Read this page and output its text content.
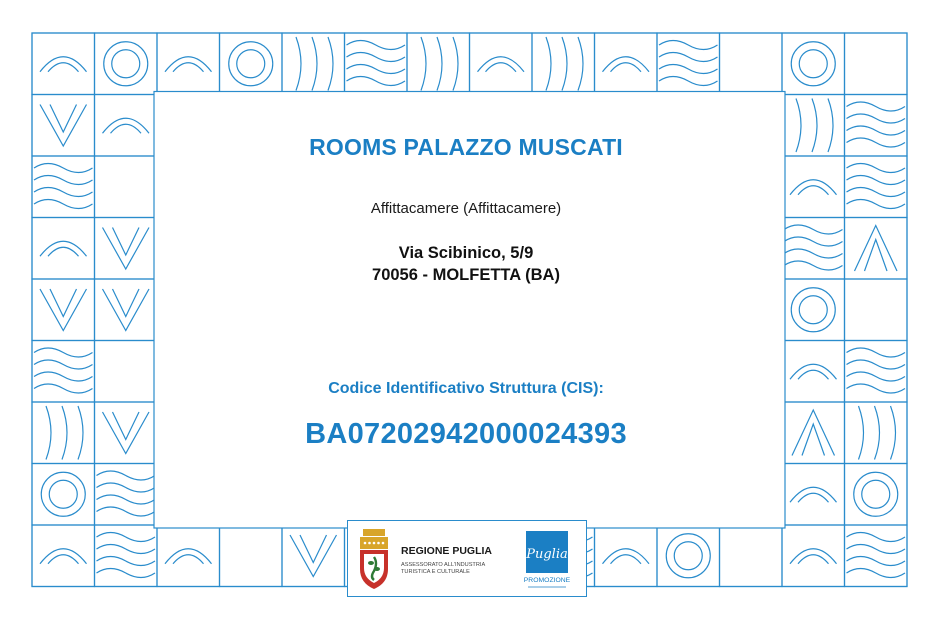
ROOMS PALAZZO MUSCATI
Affittacamere (Affittacamere)
Via Scibinico, 5/9
70056 - MOLFETTA (BA)
Codice Identificativo Struttura (CIS):
BA07202942000024393
REGIONE PUGLIA
ASSESSORATO ALL'INDUSTRIA
TURISTICA E CULTURALE
Puglia
PROMOZIONE
